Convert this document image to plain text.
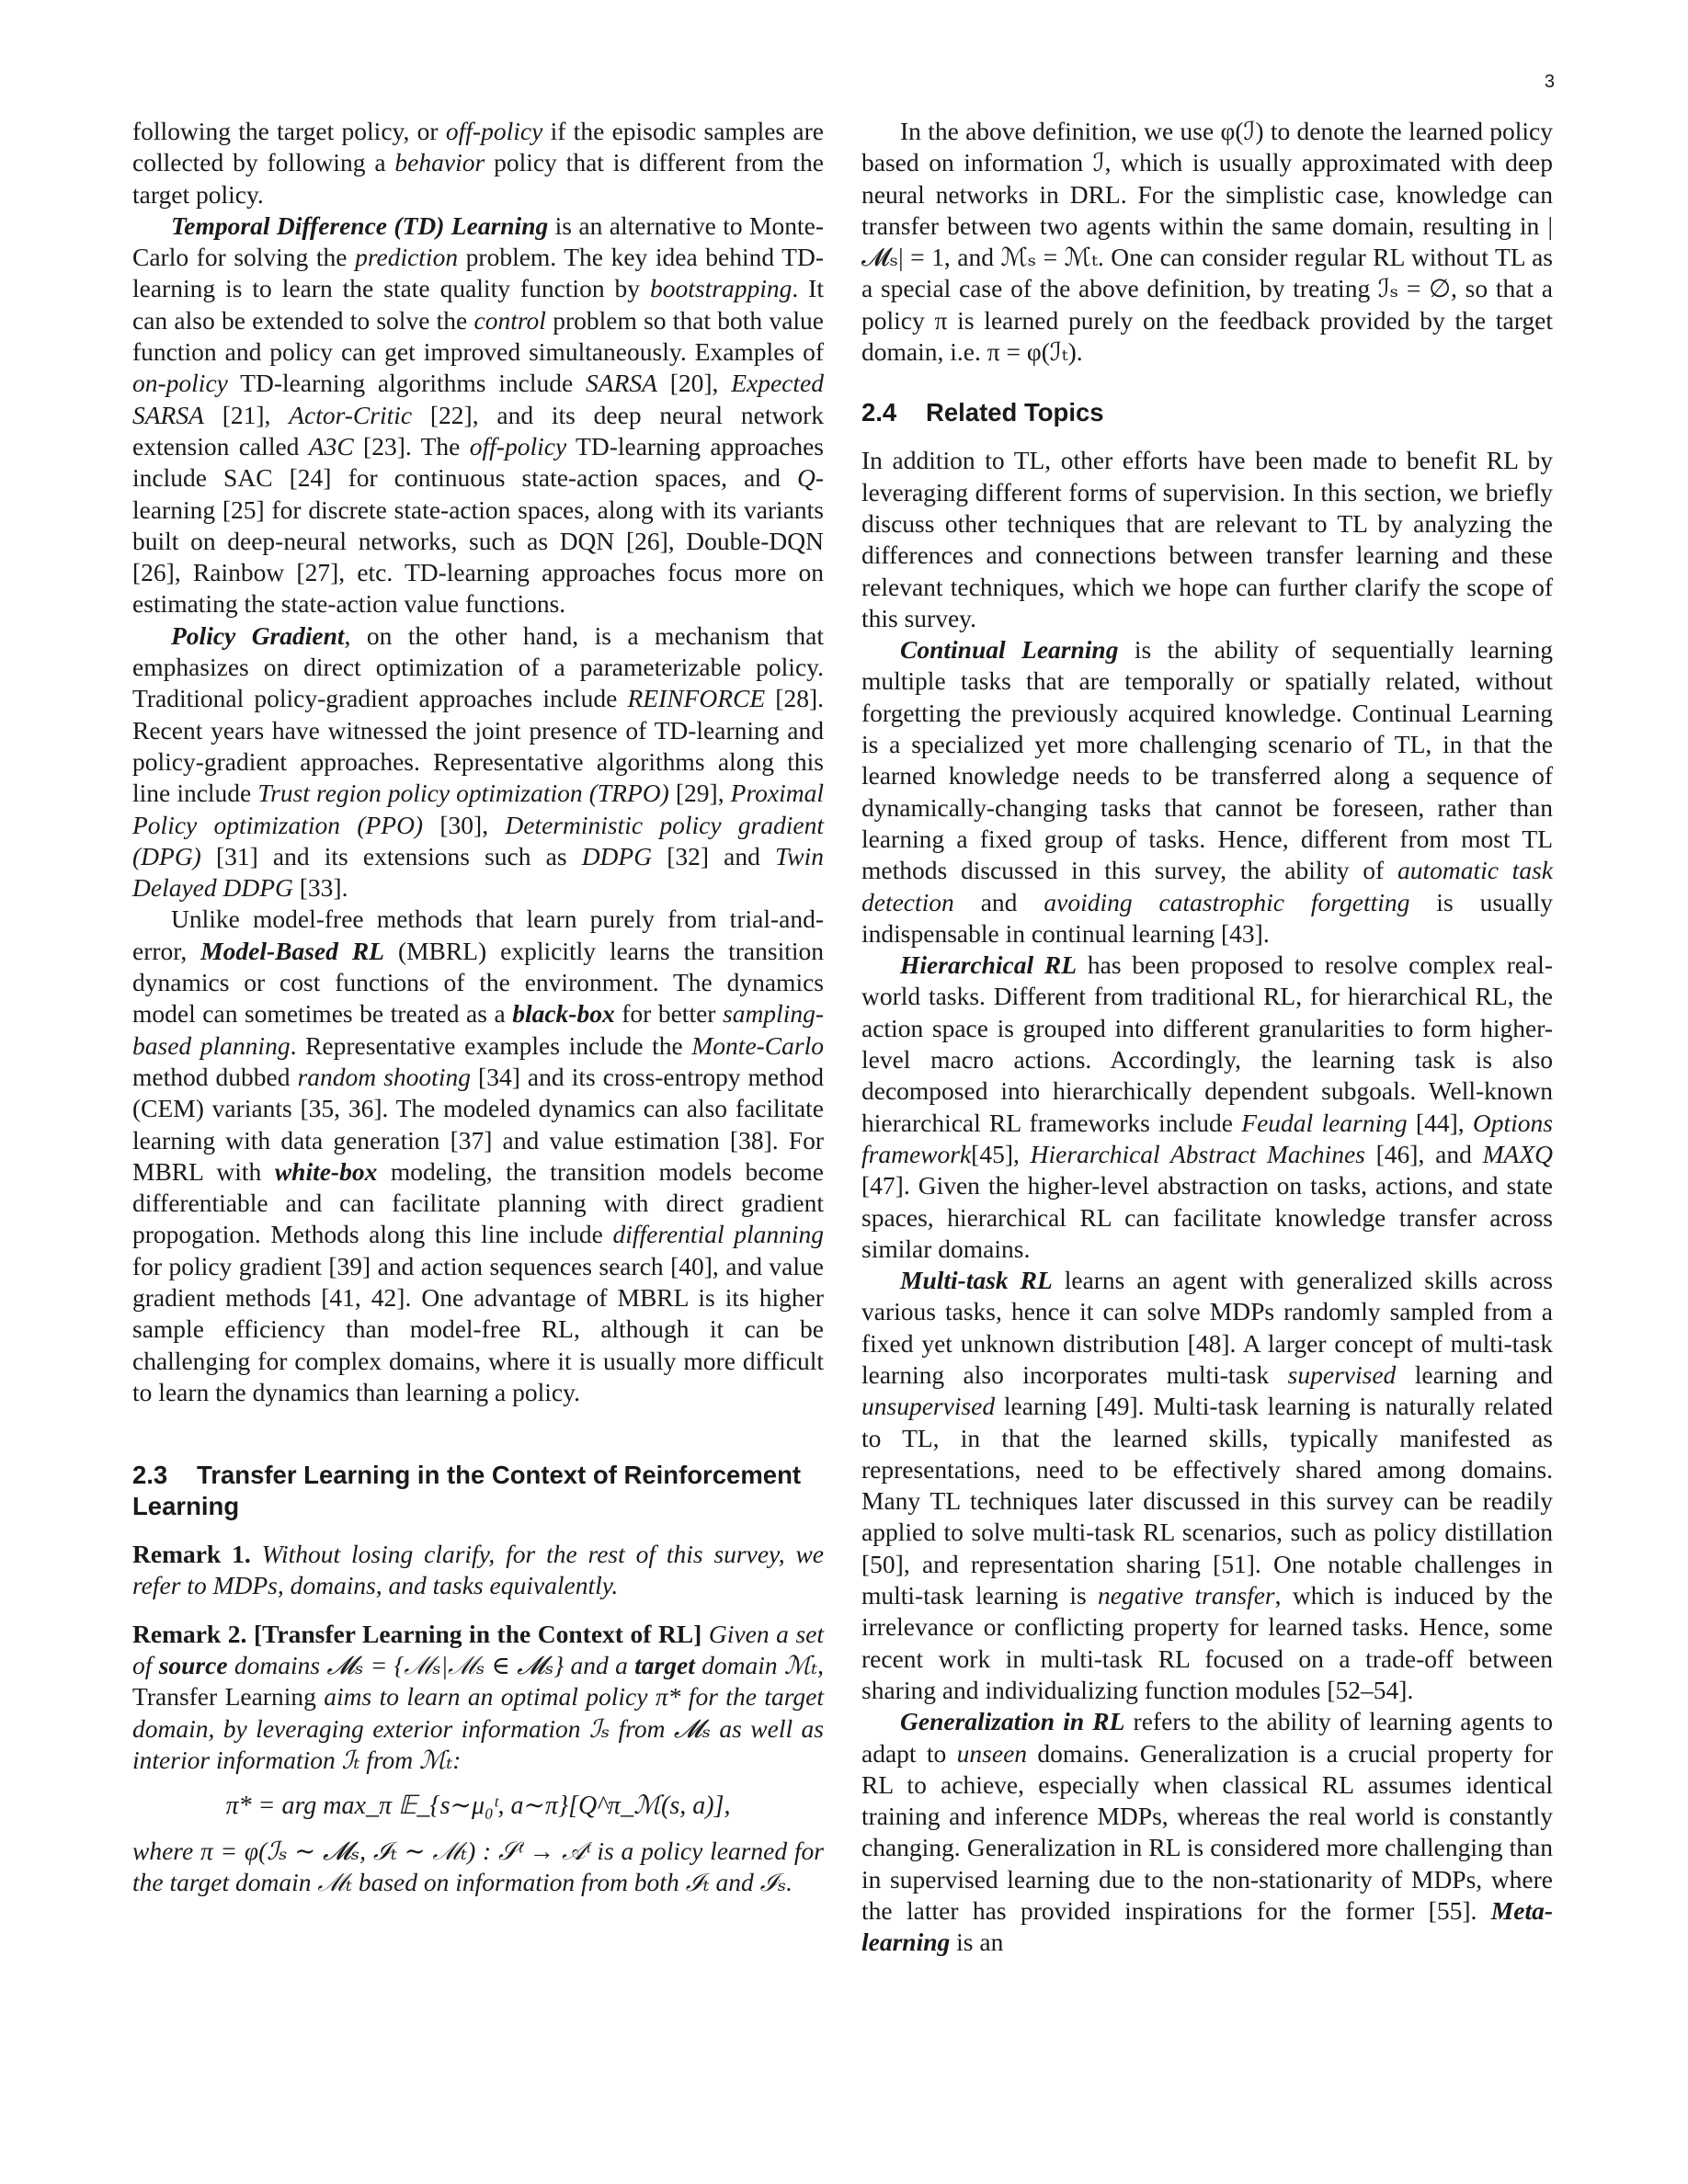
3

following the target policy, or off-policy if the episodic samples are collected by following a behavior policy that is different from the target policy.

Temporal Difference (TD) Learning is an alternative to Monte-Carlo for solving the prediction problem. The key idea behind TD-learning is to learn the state quality function by bootstrapping. It can also be extended to solve the control problem so that both value function and policy can get improved simultaneously. Examples of on-policy TD-learning algorithms include SARSA [20], Expected SARSA [21], Actor-Critic [22], and its deep neural network extension called A3C [23]. The off-policy TD-learning approaches include SAC [24] for continuous state-action spaces, and Q-learning [25] for discrete state-action spaces, along with its variants built on deep-neural networks, such as DQN [26], Double-DQN [26], Rainbow [27], etc. TD-learning approaches focus more on estimating the state-action value functions.

Policy Gradient, on the other hand, is a mechanism that emphasizes on direct optimization of a parameterizable policy. Traditional policy-gradient approaches include REINFORCE [28]. Recent years have witnessed the joint presence of TD-learning and policy-gradient approaches. Representative algorithms along this line include Trust region policy optimization (TRPO) [29], Proximal Policy optimization (PPO) [30], Deterministic policy gradient (DPG) [31] and its extensions such as DDPG [32] and Twin Delayed DDPG [33].

Unlike model-free methods that learn purely from trial-and-error, Model-Based RL (MBRL) explicitly learns the transition dynamics or cost functions of the environment. The dynamics model can sometimes be treated as a black-box for better sampling-based planning. Representative examples include the Monte-Carlo method dubbed random shooting [34] and its cross-entropy method (CEM) variants [35, 36]. The modeled dynamics can also facilitate learning with data generation [37] and value estimation [38]. For MBRL with white-box modeling, the transition models become differentiable and can facilitate planning with direct gradient propogation. Methods along this line include differential planning for policy gradient [39] and action sequences search [40], and value gradient methods [41, 42]. One advantage of MBRL is its higher sample efficiency than model-free RL, although it can be challenging for complex domains, where it is usually more difficult to learn the dynamics than learning a policy.

2.3 Transfer Learning in the Context of Reinforcement Learning

Remark 1. Without losing clarify, for the rest of this survey, we refer to MDPs, domains, and tasks equivalently.

Remark 2. [Transfer Learning in the Context of RL] Given a set of source domains 𝓜ₛ = {ℳₛ|ℳₛ ∈ 𝓜ₛ} and a target domain ℳₜ, Transfer Learning aims to learn an optimal policy π* for the target domain, by leveraging exterior information ℐₛ from 𝓜ₛ as well as interior information ℐₜ from ℳₜ:

π* = arg max_π 𝔼_{s∼μ₀ᵗ, a∼π}[Q^π_ℳ(s, a)],

where π = φ(ℐₛ ∼ 𝓜ₛ, ℐₜ ∼ ℳₜ) : 𝒮ᵗ → 𝒜ᵗ is a policy learned for the target domain ℳₜ based on information from both ℐₜ and ℐₛ.

In the above definition, we use φ(ℐ) to denote the learned policy based on information ℐ, which is usually approximated with deep neural networks in DRL. For the simplistic case, knowledge can transfer between two agents within the same domain, resulting in |𝓜ₛ| = 1, and ℳₛ = ℳₜ. One can consider regular RL without TL as a special case of the above definition, by treating ℐₛ = ∅, so that a policy π is learned purely on the feedback provided by the target domain, i.e. π = φ(ℐₜ).

2.4 Related Topics

In addition to TL, other efforts have been made to benefit RL by leveraging different forms of supervision. In this section, we briefly discuss other techniques that are relevant to TL by analyzing the differences and connections between transfer learning and these relevant techniques, which we hope can further clarify the scope of this survey.

Continual Learning is the ability of sequentially learning multiple tasks that are temporally or spatially related, without forgetting the previously acquired knowledge. Continual Learning is a specialized yet more challenging scenario of TL, in that the learned knowledge needs to be transferred along a sequence of dynamically-changing tasks that cannot be foreseen, rather than learning a fixed group of tasks. Hence, different from most TL methods discussed in this survey, the ability of automatic task detection and avoiding catastrophic forgetting is usually indispensable in continual learning [43].

Hierarchical RL has been proposed to resolve complex real-world tasks. Different from traditional RL, for hierarchical RL, the action space is grouped into different granularities to form higher-level macro actions. Accordingly, the learning task is also decomposed into hierarchically dependent subgoals. Well-known hierarchical RL frameworks include Feudal learning [44], Options framework[45], Hierarchical Abstract Machines [46], and MAXQ [47]. Given the higher-level abstraction on tasks, actions, and state spaces, hierarchical RL can facilitate knowledge transfer across similar domains.

Multi-task RL learns an agent with generalized skills across various tasks, hence it can solve MDPs randomly sampled from a fixed yet unknown distribution [48]. A larger concept of multi-task learning also incorporates multi-task supervised learning and unsupervised learning [49]. Multi-task learning is naturally related to TL, in that the learned skills, typically manifested as representations, need to be effectively shared among domains. Many TL techniques later discussed in this survey can be readily applied to solve multi-task RL scenarios, such as policy distillation [50], and representation sharing [51]. One notable challenges in multi-task learning is negative transfer, which is induced by the irrelevance or conflicting property for learned tasks. Hence, some recent work in multi-task RL focused on a trade-off between sharing and individualizing function modules [52–54].

Generalization in RL refers to the ability of learning agents to adapt to unseen domains. Generalization is a crucial property for RL to achieve, especially when classical RL assumes identical training and inference MDPs, whereas the real world is constantly changing. Generalization in RL is considered more challenging than in supervised learning due to the non-stationarity of MDPs, where the latter has provided inspirations for the former [55]. Meta-learning is an
